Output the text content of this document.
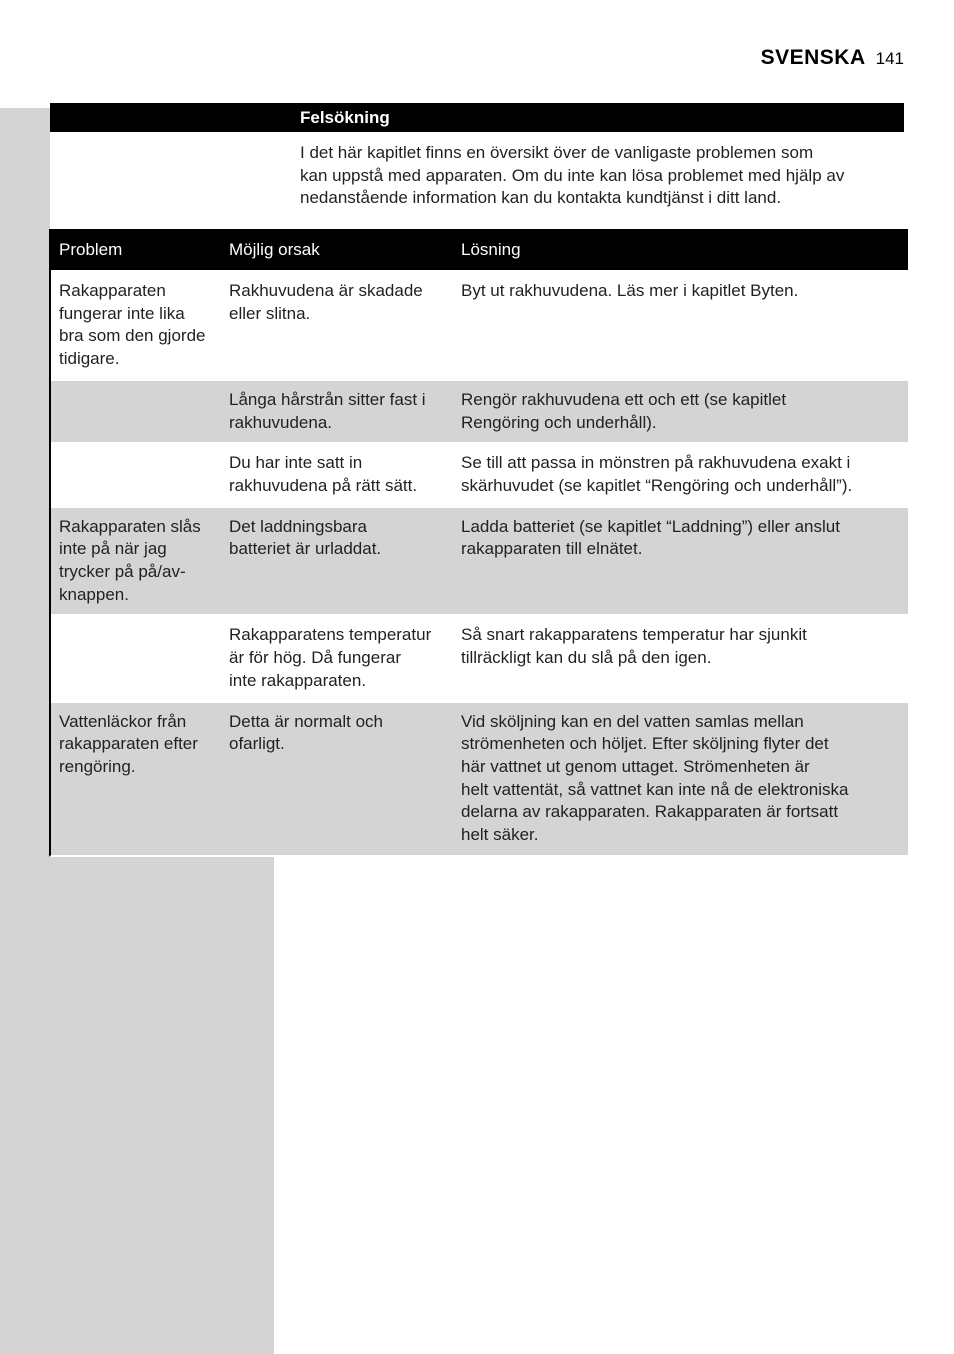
SVENSKA 141
Felsökning
I det här kapitlet finns en översikt över de vanligaste problemen som
kan uppstå med apparaten. Om du inte kan lösa problemet med hjälp av
nedanstående information kan du kontakta kundtjänst i ditt land.
Problem	Möjlig orsak	Lösning
Rakapparaten
fungerar inte lika
bra som den gjorde
tidigare.
Rakhuvudena är skadade
eller slitna.
Byt ut rakhuvudena. Läs mer i kapitlet Byten.
Långa hårstrån sitter fast i
rakhuvudena.
Rengör rakhuvudena ett och ett (se kapitlet
Rengöring och underhåll).
Du har inte satt in
rakhuvudena på rätt sätt.
Se till att passa in mönstren på rakhuvudena exakt i
skärhuvudet (se kapitlet “Rengöring och underhåll”).
Rakapparaten slås
inte på när jag
trycker på på/av-
knappen.
Det laddningsbara
batteriet är urladdat.
Ladda batteriet (se kapitlet “Laddning”) eller anslut
rakapparaten till elnätet.
Rakapparatens temperatur
är för hög. Då fungerar
inte rakapparaten.
Så snart rakapparatens temperatur har sjunkit
tillräckligt kan du slå på den igen.
Vattenläckor från
rakapparaten efter
rengöring.
Detta är normalt och
ofarligt.
Vid sköljning kan en del vatten samlas mellan
strömenheten och höljet. Efter sköljning flyter det
här vattnet ut genom uttaget. Strömenheten är
helt vattentät, så vattnet kan inte nå de elektroniska
delarna av rakapparaten. Rakapparaten är fortsatt
helt säker.
